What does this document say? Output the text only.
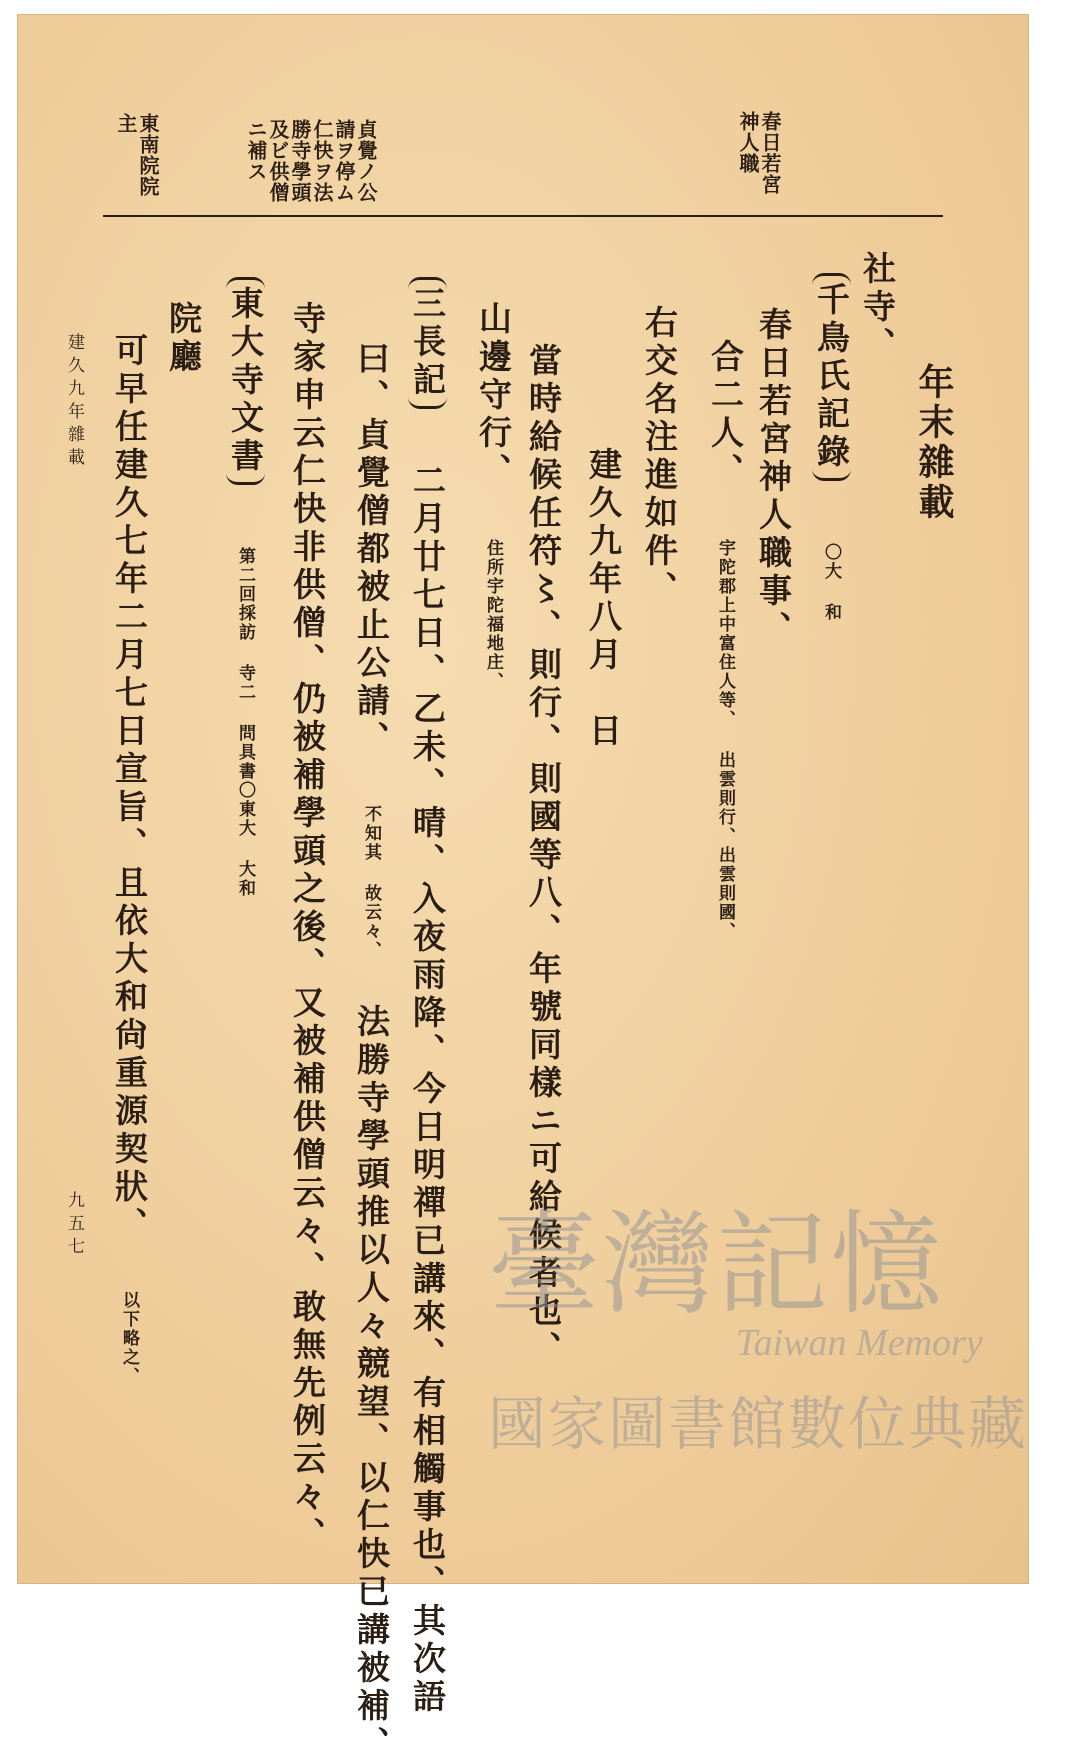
春日若宮
神人職
貞覺ノ公
請ヲ停ム
仁快ヲ法
勝寺學頭
及ビ供僧
ニ補ス
東南院院
主
年末雜載
社寺、
千鳥氏記錄 〇大 和
春日若宮神人職事、
合二人、 宇陀郡上中富住人等、 出雲則行、出雲則國、
右交名注進如件、
建久九年八月　日
當時給候任符〻、則行、則國等八、年號同樣ニ可給候者也、
山邊守行、 住所宇陀福地庄、
三長記 二月廿七日、乙未、晴、入夜雨降、今日明禪已講來、有相觸事也、其次語
曰、貞覺僧都被止公請、 不知其 故云々、 法勝寺學頭推以人々競望、以仁快已講被補、
寺家申云仁快非供僧、仍被補學頭之後、又被補供僧云々、敢無先例云々、
東大寺文書 第二回採訪 寺二 問具書〇東大 大和
院廳
可早任建久七年二月七日宣旨、且依大和尙重源契狀、 以下略之、
建久九年雜載
九五七	臺灣記憶
Taiwan Memory
國家圖書館數位典藏
